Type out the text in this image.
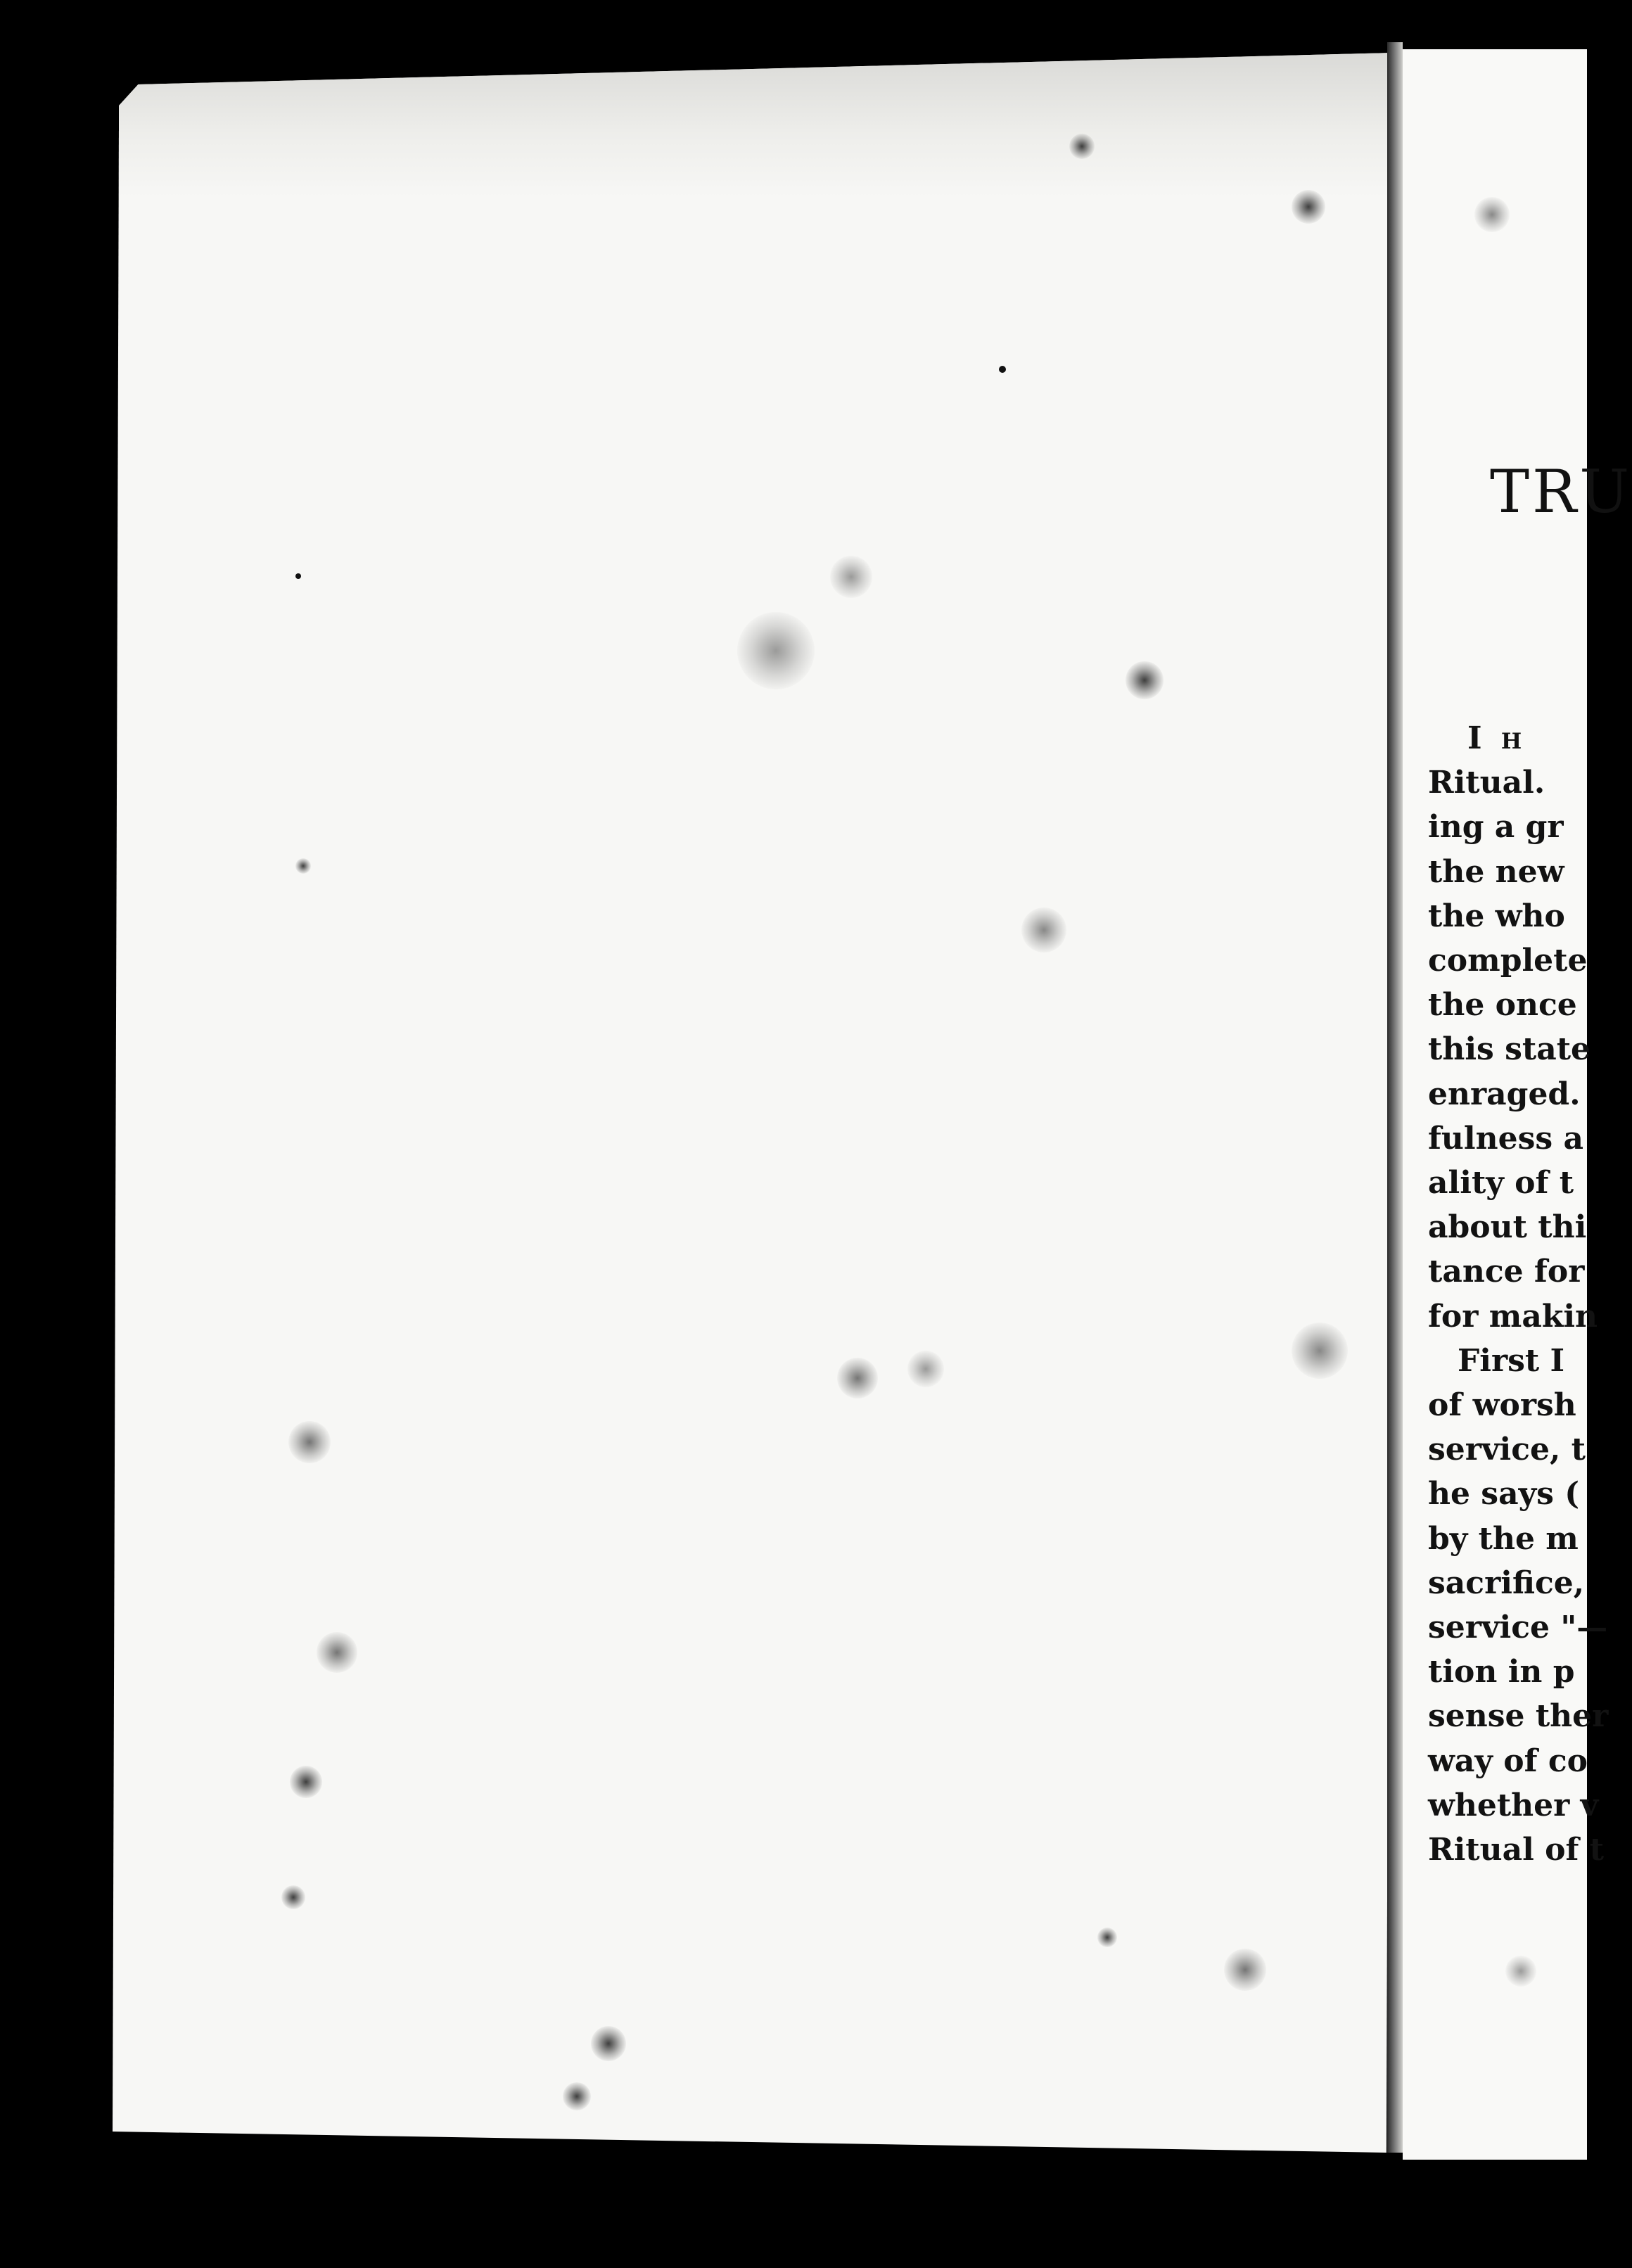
TRU
I h
Ritual.
ing a gr
the new
the who
complete
the once
this state
enraged.
fulness a
ality of t
about thi
tance for
for makin
First I
of worsh
service, t
he says (
by the m
sacrifice,
service "—
tion in p
sense ther
way of co
whether v
Ritual of t
